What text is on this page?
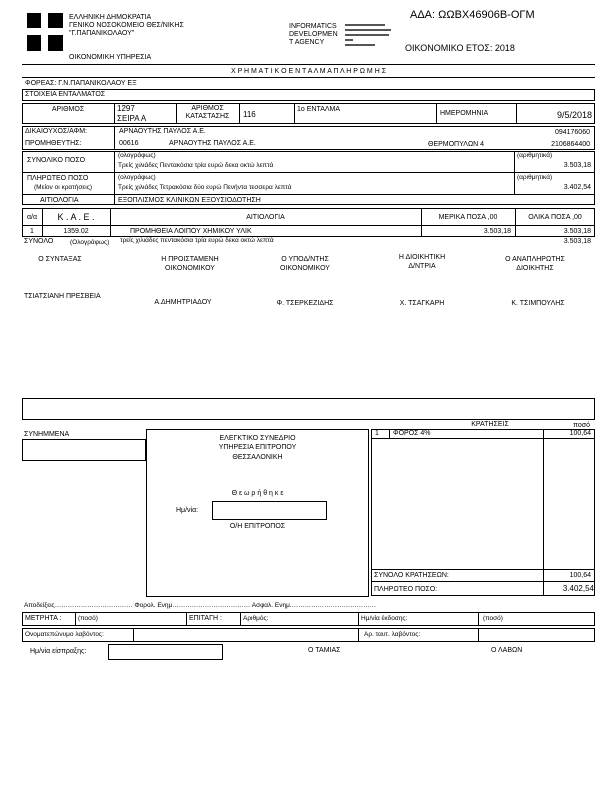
ΕΛΛΗΝΙΚΗ ΔΗΜΟΚΡΑΤΙΑ
ΓΕΝΙΚΟ ΝΟΣΟΚΟΜΕΙΟ ΘΕΣ/ΝΙΚΗΣ
"Γ.ΠΑΠΑΝΙΚΟΛΑΟΥ"
ΟΙΚΟΝΟΜΙΚΗ ΥΠΗΡΕΣΙΑ
INFORMATICS
DEVELOPMEN
T AGENCY
ΑΔΑ: ΩΩΒΧ46906Β-ΟΓΜ
ΟΙΚΟΝΟΜΙΚΟ ΕΤΟΣ: 2018
Χ Ρ Η Μ Α Τ Ι Κ Ο Ε Ν Τ Α Λ Μ Α Π Λ Η Ρ Ω Μ Η Σ
ΦΟΡΕΑΣ: Γ.Ν.ΠΑΠΑΝΙΚΟΛΑΟΥ ΕΞ
ΣΤΟΙΧΕΙΑ ΕΝΤΑΛΜΑΤΟΣ
ΑΡΙΘΜΟΣ	1297
ΣΕΙΡΑ Α
ΑΡΙΘΜΟΣ
ΚΑΤΑΣΤΑΣΗΣ	116
1ο ΕΝΤΑΛΜΑ
ΗΜΕΡΟΜΗΝΙΑ	9/5/2018
ΔΙΚΑΙΟΥΧΟΣ/ΑΦΜ:	ΑΡΝΑΟΥΤΗΣ ΠΑΥΛΟΣ Α.Ε.	094176060
ΠΡΟΜΗΘΕΥΤΗΣ:	00616	ΑΡΝΑΟΥΤΗΣ ΠΑΥΛΟΣ Α.Ε.	ΘΕΡΜΟΠΥΛΩΝ 4	2106864400
ΣΥΝΟΛΙΚΟ ΠΟΣΟ
(ολογράφως)
Τρείς χιλιάδες Πεντακόσια τρία ευρώ δεκα οκτώ λεπτά
(αριθμητικά)
3.503,18
ΠΛΗΡΩΤΕΟ ΠΟΣΟ
(Μείον οι κρατήσεις)
(ολογράφως)
Τρείς χιλιάδες Τετρακόσια δύο ευρώ Πενήντα τεσσερα λεπτά
(αριθμητικά)
3.402,54
ΑΙΤΙΟΛΟΓΙΑ	ΕΞΟΠΛΙΣΜΟΣ ΚΛΙΝΙΚΩΝ ΕΞΟΥΣΙΟΔΟΤΗΣΗ
α/α	Κ . Α . Ε .	ΑΙΤΙΟΛΟΓΙΑ	ΜΕΡΙΚΑ ΠΟΣΑ ,00	ΟΛΙΚΑ ΠΟΣΑ ,00
1	1359.02	ΠΡΟΜΗΘΕΙΑ ΛΟΙΠΟΥ ΧΗΜΙΚΟΥ ΥΛΙΚ	3.503,18	3.503,18
ΣΥΝΟΛΟ	(Ολογράφως) τρείς χιλιάδες πεντακόσια τρία ευρώ δεκα οκτώ λεπτά	3.503,18
Ο ΣΥΝΤΑΞΑΣ	Η ΠΡΟΙΣΤΑΜΕΝΗ
ΟΙΚΟΝΟΜΙΚΟΥ
Ο ΥΠΟΔ/ΝΤΗΣ
ΟΙΚΟΝΟΜΙΚΟΥ
Η ΔΙΟΙΚΗΤΙΚΗ
Δ/ΝΤΡΙΑ
Ο ΑΝΑΠΛΗΡΩΤΗΣ
ΔΙΟΙΚΗΤΗΣ
ΤΣΙΑΤΣΙΑΝΗ ΠΡΕΣΒΕΙΑ
Α.ΔΗΜΗΤΡΙΑΔΟΥ	Φ. ΤΣΕΡΚΕΖΙΔΗΣ	Χ. ΤΣΑΓΚΑΡΗ	Κ. ΤΣΙΜΠΟΥΛΗΣ
ΣΥΝΗΜΜΕΝΑ
ΕΛΕΓΚΤΙΚΟ ΣΥΝΕΔΡΙΟ
ΥΠΗΡΕΣΙΑ ΕΠΙΤΡΟΠΟΥ
ΘΕΣΣΑΛΟΝΙΚΗ
Θ ε ω ρ ή θ η κ ε
Ημ/νία:
Ο/Η ΕΠΙΤΡΟΠΟΣ
ΚΡΑΤΗΣΕΙΣ	ποσό
1 ΦΟΡΟΣ 4%	100,64
ΣΥΝΟΛΟ ΚΡΑΤΗΣΕΩΝ:	100,64
ΠΛΗΡΩΤΕΟ ΠΟΣΟ:	3.402,54
Αποδείξεις……………………………… Φορολ. Ενημ……………………………… Ασφαλ. Ενημ.…………………………………
ΜΕΤΡΗΤΑ :	(ποσό)	ΕΠΙΤΑΓΗ :	Αριθμός:	Ημ/νία έκδοσης:	(ποσό)
Ονοματεπώνυμο λαβόντος:	Αρ. ταυτ. λαβόντος:
Ημ/νία είσπραξης:	Ο ΤΑΜΙΑΣ	Ο ΛΑΒΩΝ
